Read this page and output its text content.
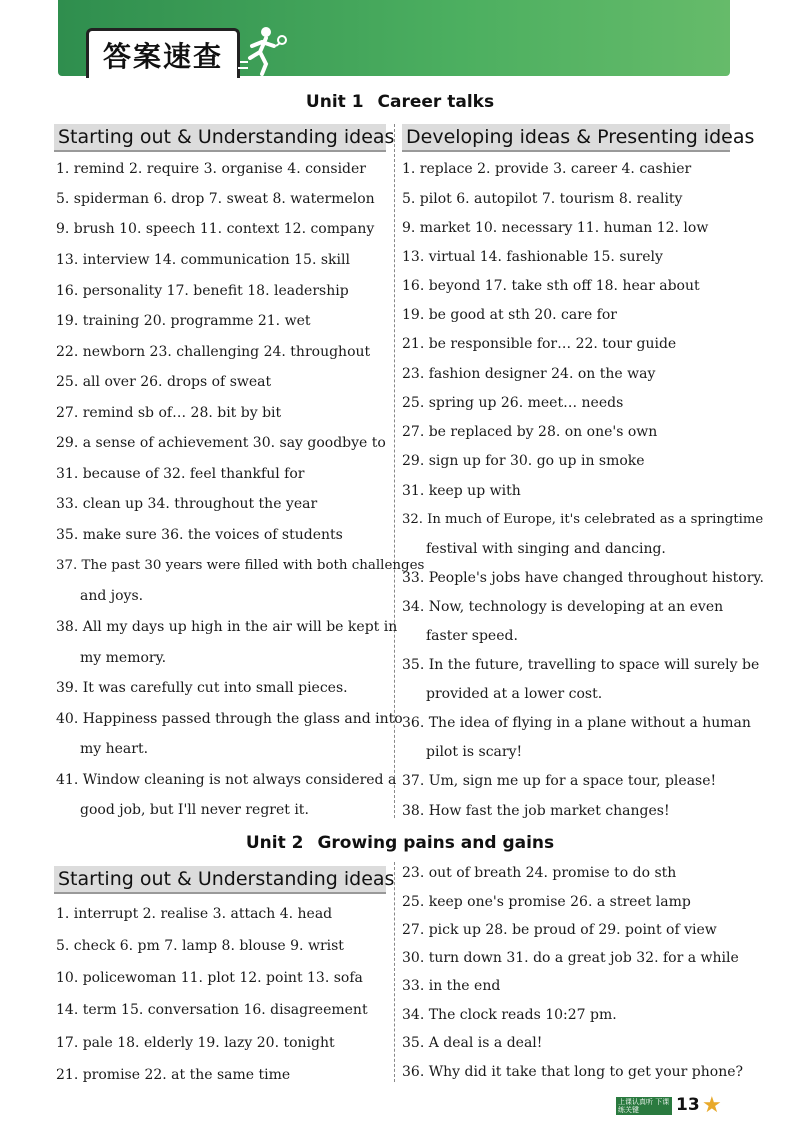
答案速查
Unit 1 Career talks
Starting out & Understanding ideas Developing ideas & Presenting ideas
1. remind 2. require 3. organise 4. consider
5. spiderman 6. drop 7. sweat 8. watermelon
9. brush 10. speech 11. context 12. company
13. interview 14. communication 15. skill
16. personality 17. benefit 18. leadership
19. training 20. programme 21. wet
22. newborn 23. challenging 24. throughout
25. all over 26. drops of sweat
27. remind sb of… 28. bit by bit
29. a sense of achievement 30. say goodbye to
31. because of 32. feel thankful for
33. clean up 34. throughout the year
35. make sure 36. the voices of students
37. The past 30 years were filled with both challenges
and joys.
38. All my days up high in the air will be kept in
my memory.
39. It was carefully cut into small pieces.
40. Happiness passed through the glass and into
my heart.
41. Window cleaning is not always considered a
good job, but I'll never regret it.
1. replace 2. provide 3. career 4. cashier
5. pilot 6. autopilot 7. tourism 8. reality
9. market 10. necessary 11. human 12. low
13. virtual 14. fashionable 15. surely
16. beyond 17. take sth off 18. hear about
19. be good at sth 20. care for
21. be responsible for… 22. tour guide
23. fashion designer 24. on the way
25. spring up 26. meet… needs
27. be replaced by 28. on one's own
29. sign up for 30. go up in smoke
31. keep up with
32. In much of Europe, it's celebrated as a springtime
festival with singing and dancing.
33. People's jobs have changed throughout history.
34. Now, technology is developing at an even
faster speed.
35. In the future, travelling to space will surely be
provided at a lower cost.
36. The idea of flying in a plane without a human
pilot is scary!
37. Um, sign me up for a space tour, please!
38. How fast the job market changes!
Unit 2 Growing pains and gains
Starting out & Understanding ideas
1. interrupt 2. realise 3. attach 4. head
5. check 6. pm 7. lamp 8. blouse 9. wrist
10. policewoman 11. plot 12. point 13. sofa
14. term 15. conversation 16. disagreement
17. pale 18. elderly 19. lazy 20. tonight
21. promise 22. at the same time
23. out of breath 24. promise to do sth
25. keep one's promise 26. a street lamp
27. pick up 28. be proud of 29. point of view
30. turn down 31. do a great job 32. for a while
33. in the end
34. The clock reads 10:27 pm.
35. A deal is a deal!
36. Why did it take that long to get your phone?
上课认真听 下课练关键	13 ★
